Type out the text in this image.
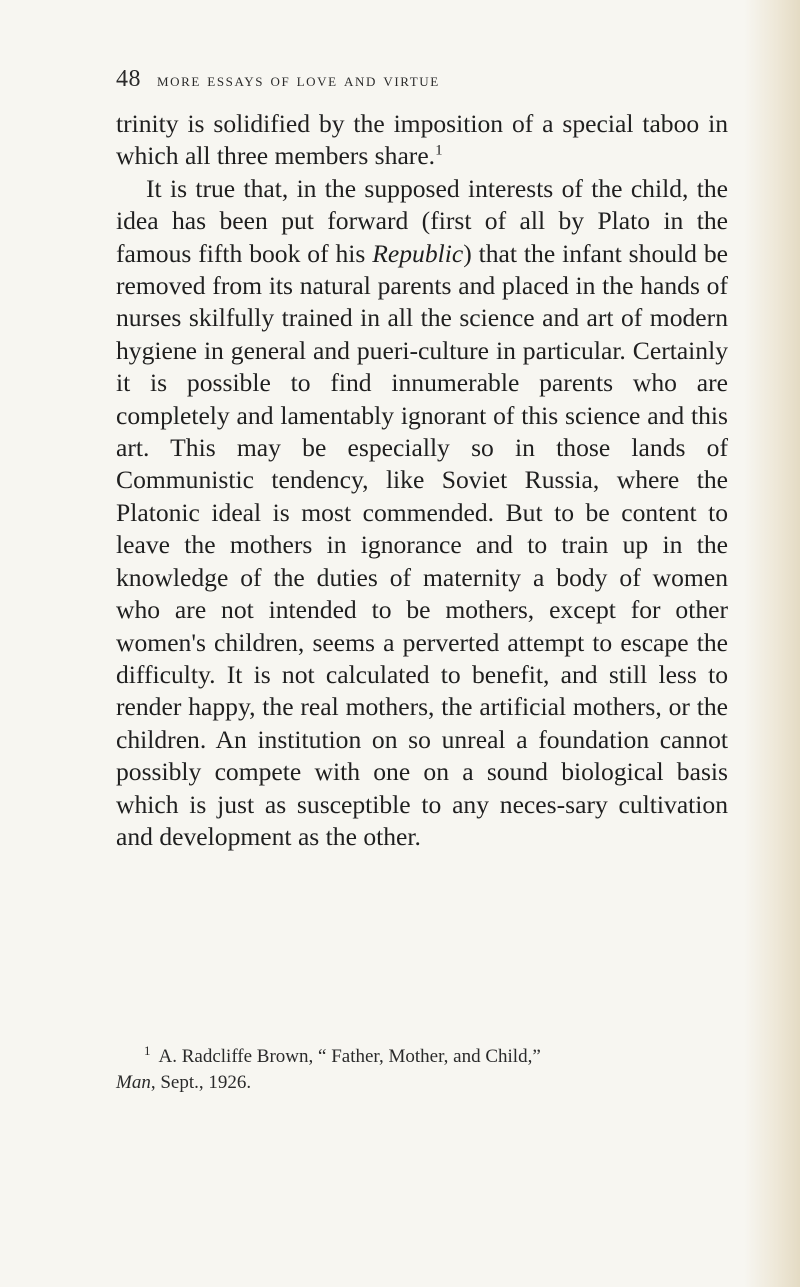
48 more essays of love and virtue

trinity is solidified by the imposition of a special taboo in which all three members share.$^1$

It is true that, in the supposed interests of the child, the idea has been put forward (first of all by Plato in the famous fifth book of his Republic) that the infant should be removed from its natural parents and placed in the hands of nurses skilfully trained in all the science and art of modern hygiene in general and pueri-culture in particular. Certainly it is possible to find innumerable parents who are completely and lamentably ignorant of this science and this art. This may be especially so in those lands of Communistic tendency, like Soviet Russia, where the Platonic ideal is most commended. But to be content to leave the mothers in ignorance and to train up in the knowledge of the duties of maternity a body of women who are not intended to be mothers, except for other women's children, seems a perverted attempt to escape the difficulty. It is not calculated to benefit, and still less to render happy, the real mothers, the artificial mothers, or the children. An institution on so unreal a foundation cannot possibly compete with one on a sound biological basis which is just as susceptible to any neces-sary cultivation and development as the other.

$^1$ A. Radcliffe Brown, “ Father, Mother, and Child,”
Man, Sept., 1926.
